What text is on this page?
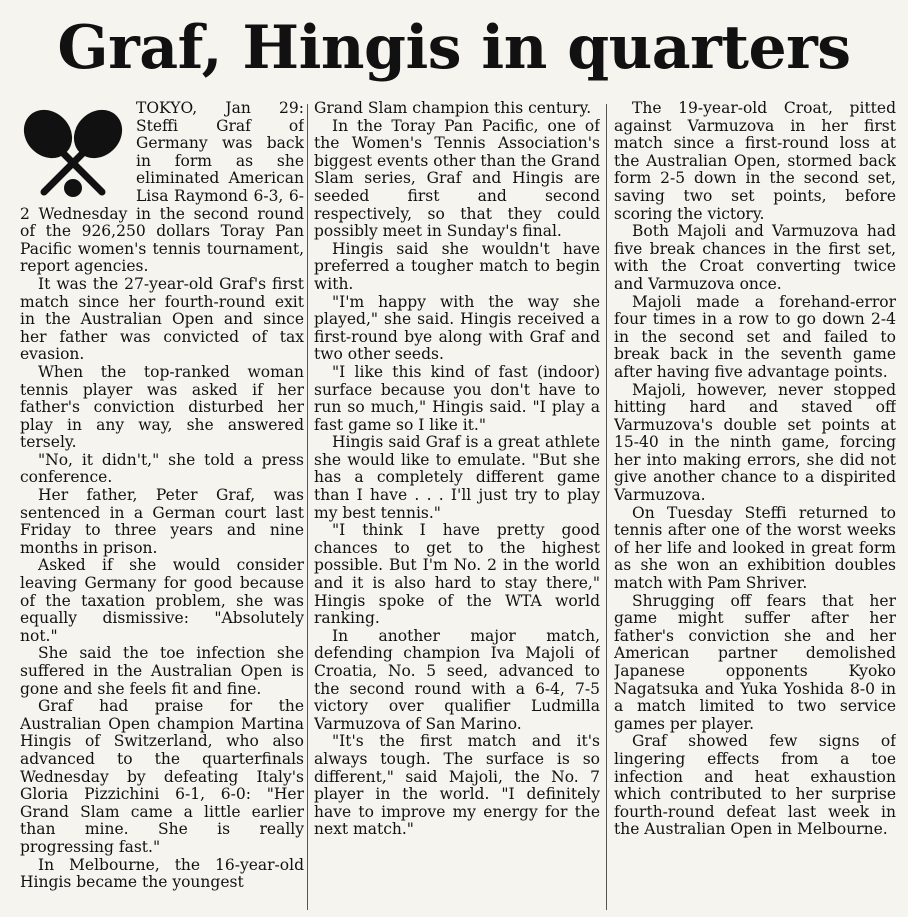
Graf, Hingis in quarters

TOKYO, Jan 29: Steffi Graf of Germany was back in form as she eliminated American Lisa Raymond 6-3, 6-2 Wednesday in the second round of the 926,250 dollars Toray Pan Pacific women's tennis tournament, report agencies.

It was the 27-year-old Graf's first match since her fourth-round exit in the Australian Open and since her father was convicted of tax evasion.

When the top-ranked woman tennis player was asked if her father's conviction disturbed her play in any way, she answered tersely.

"No, it didn't," she told a press conference.

Her father, Peter Graf, was sentenced in a German court last Friday to three years and nine months in prison.

Asked if she would consider leaving Germany for good because of the taxation problem, she was equally dismissive: "Absolutely not."

She said the toe infection she suffered in the Australian Open is gone and she feels fit and fine.

Graf had praise for the Australian Open champion Martina Hingis of Switzerland, who also advanced to the quarterfinals Wednesday by defeating Italy's Gloria Pizzichini 6-1, 6-0: "Her Grand Slam came a little earlier than mine. She is really progressing fast."

In Melbourne, the 16-year-old Hingis became the youngest

Grand Slam champion this century.

In the Toray Pan Pacific, one of the Women's Tennis Association's biggest events other than the Grand Slam series, Graf and Hingis are seeded first and second respectively, so that they could possibly meet in Sunday's final.

Hingis said she wouldn't have preferred a tougher match to begin with.

"I'm happy with the way she played," she said. Hingis received a first-round bye along with Graf and two other seeds.

"I like this kind of fast (indoor) surface because you don't have to run so much," Hingis said. "I play a fast game so I like it."

Hingis said Graf is a great athlete she would like to emulate. "But she has a completely different game than I have . . . I'll just try to play my best tennis."

"I think I have pretty good chances to get to the highest possible. But I'm No. 2 in the world and it is also hard to stay there," Hingis spoke of the WTA world ranking.

In another major match, defending champion Iva Majoli of Croatia, No. 5 seed, advanced to the second round with a 6-4, 7-5 victory over qualifier Ludmilla Varmuzova of San Marino.

"It's the first match and it's always tough. The surface is so different," said Majoli, the No. 7 player in the world. "I definitely have to improve my energy for the next match."

The 19-year-old Croat, pitted against Varmuzova in her first match since a first-round loss at the Australian Open, stormed back form 2-5 down in the second set, saving two set points, before scoring the victory.

Both Majoli and Varmuzova had five break chances in the first set, with the Croat converting twice and Varmuzova once.

Majoli made a forehand-error four times in a row to go down 2-4 in the second set and failed to break back in the seventh game after having five advantage points.

Majoli, however, never stopped hitting hard and staved off Varmuzova's double set points at 15-40 in the ninth game, forcing her into making errors, she did not give another chance to a dispirited Varmuzova.

On Tuesday Steffi returned to tennis after one of the worst weeks of her life and looked in great form as she won an exhibition doubles match with Pam Shriver.

Shrugging off fears that her game might suffer after her father's conviction she and her American partner demolished Japanese opponents Kyoko Nagatsuka and Yuka Yoshida 8-0 in a match limited to two service games per player.

Graf showed few signs of lingering effects from a toe infection and heat exhaustion which contributed to her surprise fourth-round defeat last week in the Australian Open in Melbourne.
